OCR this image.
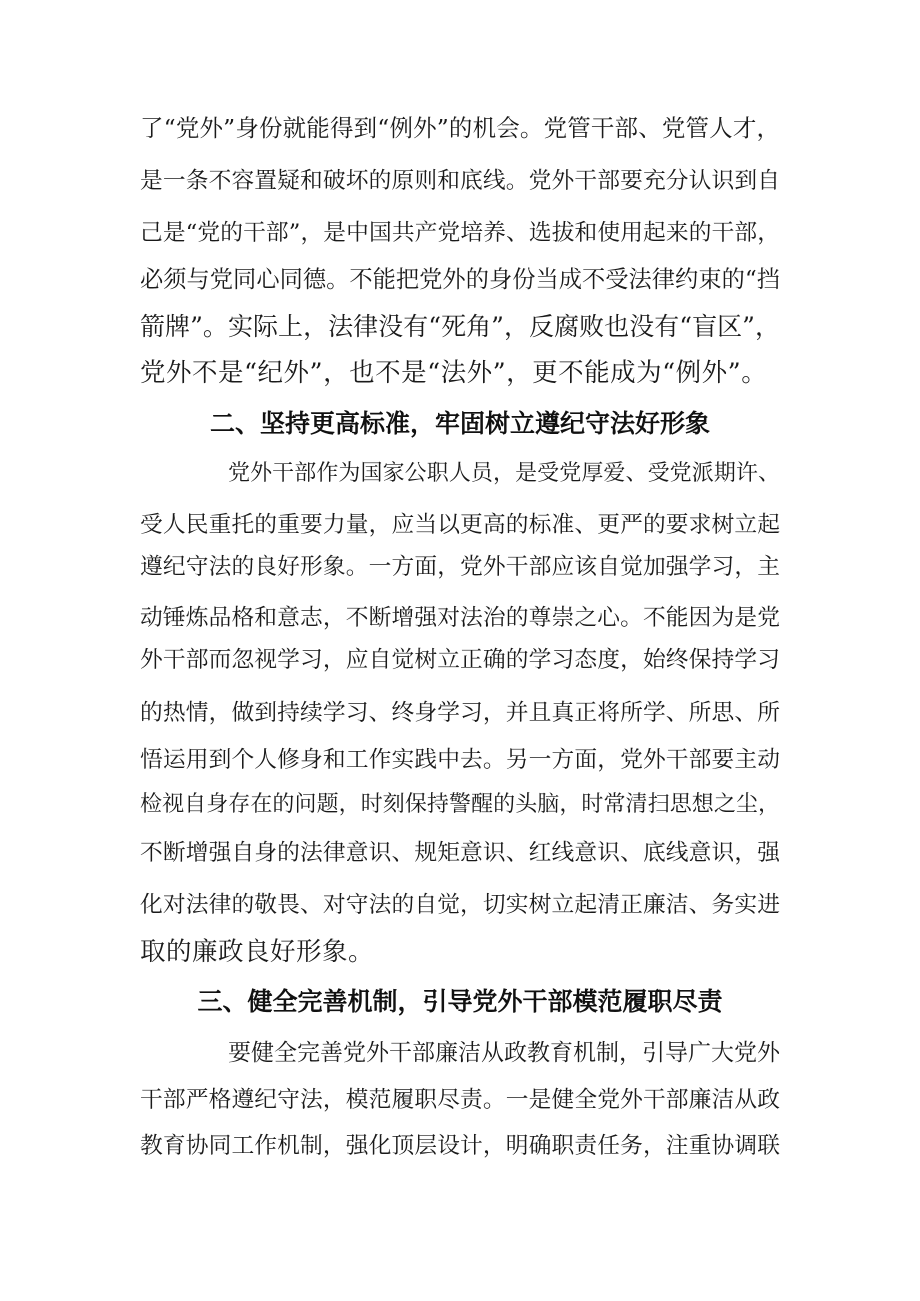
了“党外”身份就能得到“例外”的机会。党管干部、党管人才，
是一条不容置疑和破坏的原则和底线。党外干部要充分认识到自
己是“党的干部”，是中国共产党培养、选拔和使用起来的干部，
必须与党同心同德。不能把党外的身份当成不受法律约束的“挡
箭牌”。实际上，法律没有“死角”，反腐败也没有“盲区”，
党外不是“纪外”，也不是“法外”，更不能成为“例外”。
二、坚持更高标准，牢固树立遵纪守法好形象
党外干部作为国家公职人员，是受党厚爱、受党派期许、
受人民重托的重要力量，应当以更高的标准、更严的要求树立起
遵纪守法的良好形象。一方面，党外干部应该自觉加强学习，主
动锤炼品格和意志，不断增强对法治的尊崇之心。不能因为是党
外干部而忽视学习，应自觉树立正确的学习态度，始终保持学习
的热情，做到持续学习、终身学习，并且真正将所学、所思、所
悟运用到个人修身和工作实践中去。另一方面，党外干部要主动
检视自身存在的问题，时刻保持警醒的头脑，时常清扫思想之尘，
不断增强自身的法律意识、规矩意识、红线意识、底线意识，强
化对法律的敬畏、对守法的自觉，切实树立起清正廉洁、务实进
取的廉政良好形象。
三、健全完善机制，引导党外干部模范履职尽责
要健全完善党外干部廉洁从政教育机制，引导广大党外
干部严格遵纪守法，模范履职尽责。一是健全党外干部廉洁从政
教育协同工作机制，强化顶层设计，明确职责任务，注重协调联
